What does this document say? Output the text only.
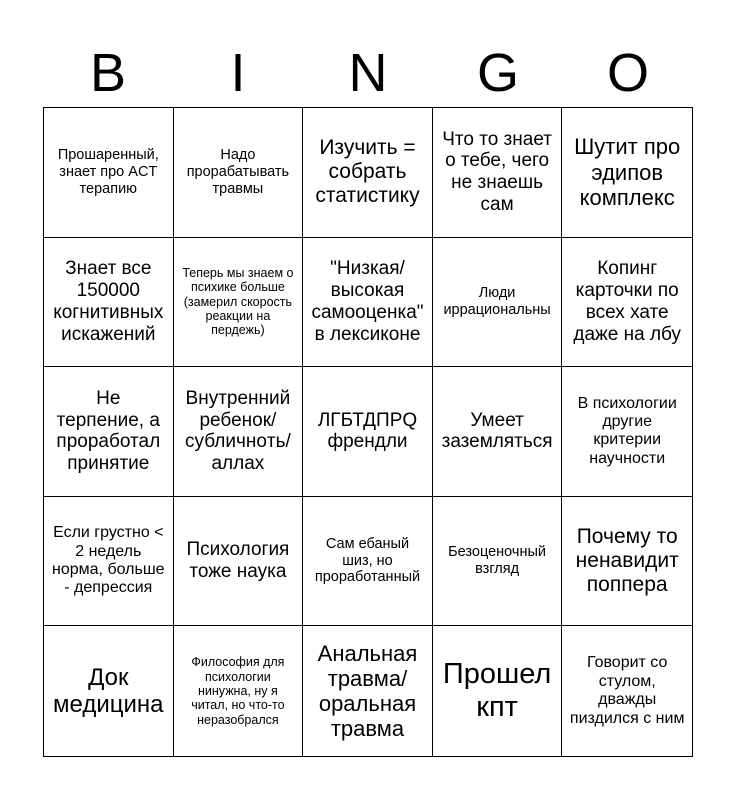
B	I	N	G	O
Прошаренный, знает про ACT терапию
Надо прорабатывать травмы
Изучить = собрать статистику
Что то знает о тебе, чего не знаешь сам
Шутит про эдипов комплекс
Знает все 150000 когнитивных искажений
Теперь мы знаем о психике больше (замерил скорость реакции на пердежь)
"Низкая/ высокая самооценка" в лексиконе
Люди иррациональны
Копинг карточки по всех хате даже на лбу
Не терпение, а проработал принятие
Внутренний ребенок/ субличнoть/ аллах
ЛГБТДПРQ френдли
Умеет заземляться
В психологии другие критерии научности
Если грустно < 2 недель норма, больше - депрессия
Психология тоже наука
Сам ебаный шиз, но проработанный
Безоценочный взгляд
Почему то ненавидит поппера
Док медицина
Философия для психологии нинужна, ну я читал, но что-то неразобрался
Анальная травма/ оральная травма
Прошел кпт
Говорит со стулом, дважды пиздился с ним
